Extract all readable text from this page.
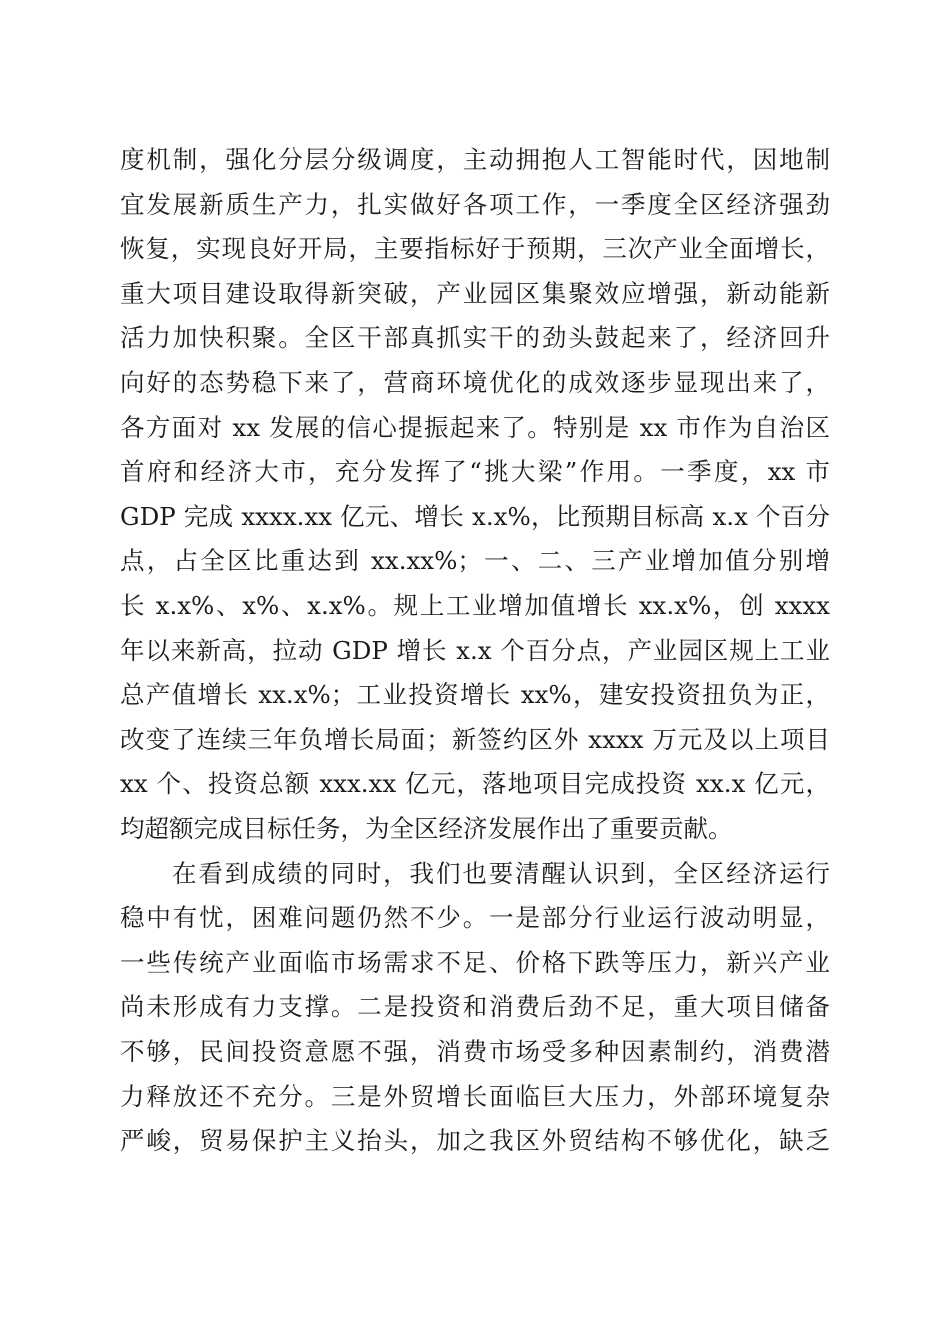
度机制，强化分层分级调度，主动拥抱人工智能时代，因地制
宜发展新质生产力，扎实做好各项工作，一季度全区经济强劲
恢复，实现良好开局，主要指标好于预期，三次产业全面增长，
重大项目建设取得新突破，产业园区集聚效应增强，新动能新
活力加快积聚。全区干部真抓实干的劲头鼓起来了，经济回升
向好的态势稳下来了，营商环境优化的成效逐步显现出来了，
各方面对 xx 发展的信心提振起来了。特别是 xx 市作为自治区
首府和经济大市，充分发挥了“挑大梁”作用。一季度，xx 市
GDP 完成 xxxx.xx 亿元、增长 x.x%，比预期目标高 x.x 个百分
点，占全区比重达到 xx.xx%；一、二、三产业增加值分别增
长 x.x%、x%、x.x%。规上工业增加值增长 xx.x%，创 xxxx
年以来新高，拉动 GDP 增长 x.x 个百分点，产业园区规上工业
总产值增长 xx.x%；工业投资增长 xx%，建安投资扭负为正，
改变了连续三年负增长局面；新签约区外 xxxx 万元及以上项目
xx 个、投资总额 xxx.xx 亿元，落地项目完成投资 xx.x 亿元，
均超额完成目标任务，为全区经济发展作出了重要贡献。
在看到成绩的同时，我们也要清醒认识到，全区经济运行
稳中有忧，困难问题仍然不少。一是部分行业运行波动明显，
一些传统产业面临市场需求不足、价格下跌等压力，新兴产业
尚未形成有力支撑。二是投资和消费后劲不足，重大项目储备
不够，民间投资意愿不强，消费市场受多种因素制约，消费潜
力释放还不充分。三是外贸增长面临巨大压力，外部环境复杂
严峻，贸易保护主义抬头，加之我区外贸结构不够优化，缺乏
